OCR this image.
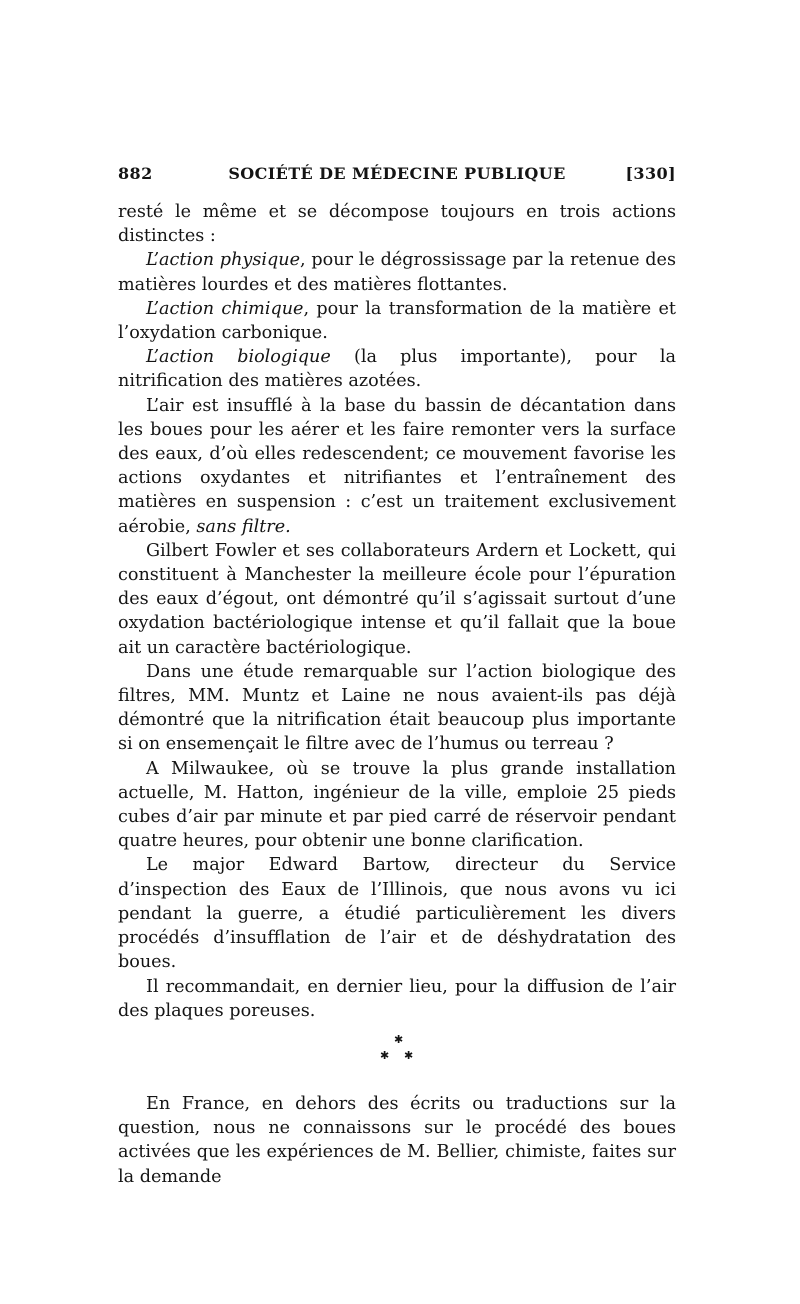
882	SOCIÉTÉ DE MÉDECINE PUBLIQUE	[330]

resté le même et se décompose toujours en trois actions distinctes :

L’action physique, pour le dégrossissage par la retenue des matières lourdes et des matières flottantes.

L’action chimique, pour la transformation de la matière et l’oxydation carbonique.

L’action biologique (la plus importante), pour la nitrification des matières azotées.

L’air est insufflé à la base du bassin de décantation dans les boues pour les aérer et les faire remonter vers la surface des eaux, d’où elles redescendent; ce mouvement favorise les actions oxydantes et nitrifiantes et l’entraînement des matières en suspension : c’est un traitement exclusivement aérobie, sans filtre.

Gilbert Fowler et ses collaborateurs Ardern et Lockett, qui constituent à Manchester la meilleure école pour l’épuration des eaux d’égout, ont démontré qu’il s’agissait surtout d’une oxydation bactériologique intense et qu’il fallait que la boue ait un caractère bactériologique.

Dans une étude remarquable sur l’action biologique des filtres, MM. Muntz et Laine ne nous avaient-ils pas déjà démontré que la nitrification était beaucoup plus importante si on ensemençait le filtre avec de l’humus ou terreau ?

A Milwaukee, où se trouve la plus grande installation actuelle, M. Hatton, ingénieur de la ville, emploie 25 pieds cubes d’air par minute et par pied carré de réservoir pendant quatre heures, pour obtenir une bonne clarification.

Le major Edward Bartow, directeur du Service d’inspection des Eaux de l’Illinois, que nous avons vu ici pendant la guerre, a étudié particulièrement les divers procédés d’insufflation de l’air et de déshydratation des boues.

Il recommandait, en dernier lieu, pour la diffusion de l’air des plaques poreuses.

✱
✱ ✱

En France, en dehors des écrits ou traductions sur la question, nous ne connaissons sur le procédé des boues activées que les expériences de M. Bellier, chimiste, faites sur la demande
